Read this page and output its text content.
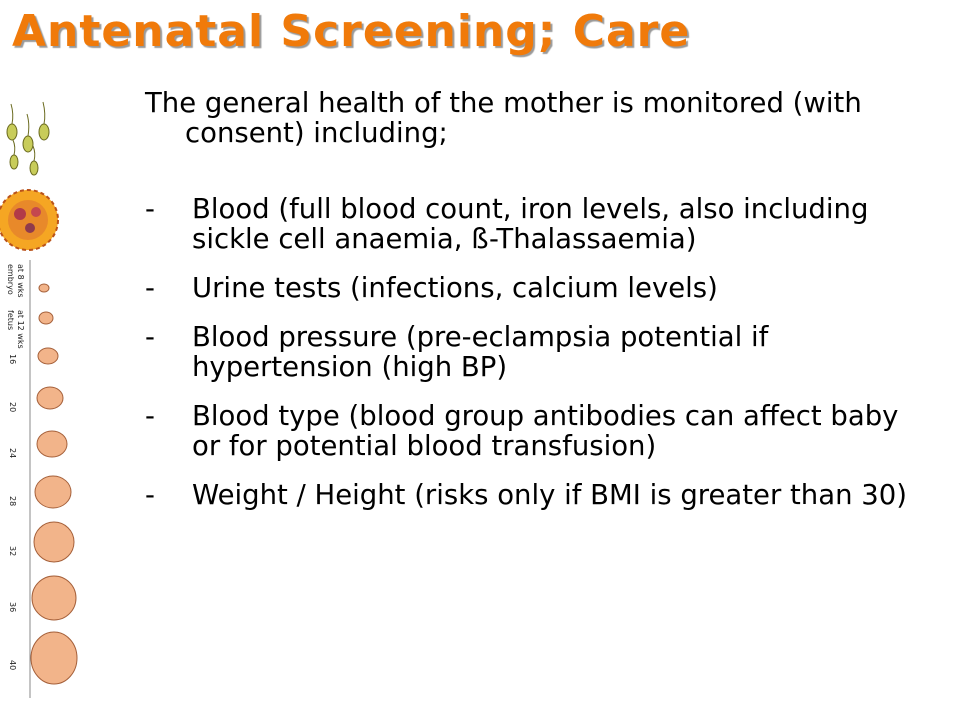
Antenatal Screening; Care
embryo at 8 wks
fetus at 12 wks
16
20
24
28
32
36
40

The general health of the mother is monitored (with consent) including;

- Blood (full blood count, iron levels, also including sickle cell anaemia, ß-Thalassaemia)
- Urine tests (infections, calcium levels)
- Blood pressure (pre-eclampsia potential if hypertension (high BP)
- Blood type (blood group antibodies can affect baby or for potential blood transfusion)
- Weight / Height (risks only if BMI is greater than 30)
